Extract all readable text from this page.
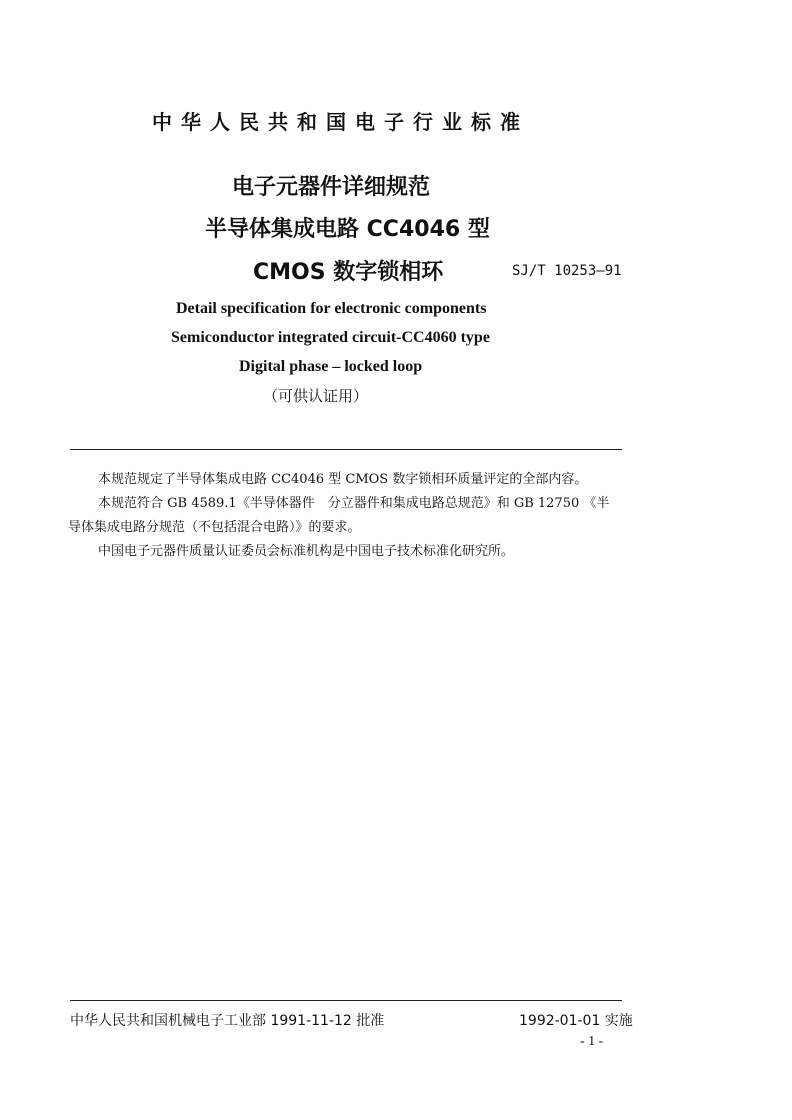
中华人民共和国电子行业标准
电子元器件详细规范
半导体集成电路 CC4046 型
CMOS 数字锁相环	SJ/T 10253—91
Detail specification for electronic components
Semiconductor integrated circuit-CC4060 type
Digital phase – locked loop
（可供认证用）
本规范规定了半导体集成电路 CC4046 型 CMOS 数字锁相环质量评定的全部内容。
本规范符合 GB 4589.1《半导体器件　分立器件和集成电路总规范》和 GB 12750 《半
导体集成电路分规范（不包括混合电路）》的要求。
中国电子元器件质量认证委员会标准机构是中国电子技术标准化研究所。
中华人民共和国机械电子工业部 1991-11-12 批准	1992-01-01 实施
- 1 -
